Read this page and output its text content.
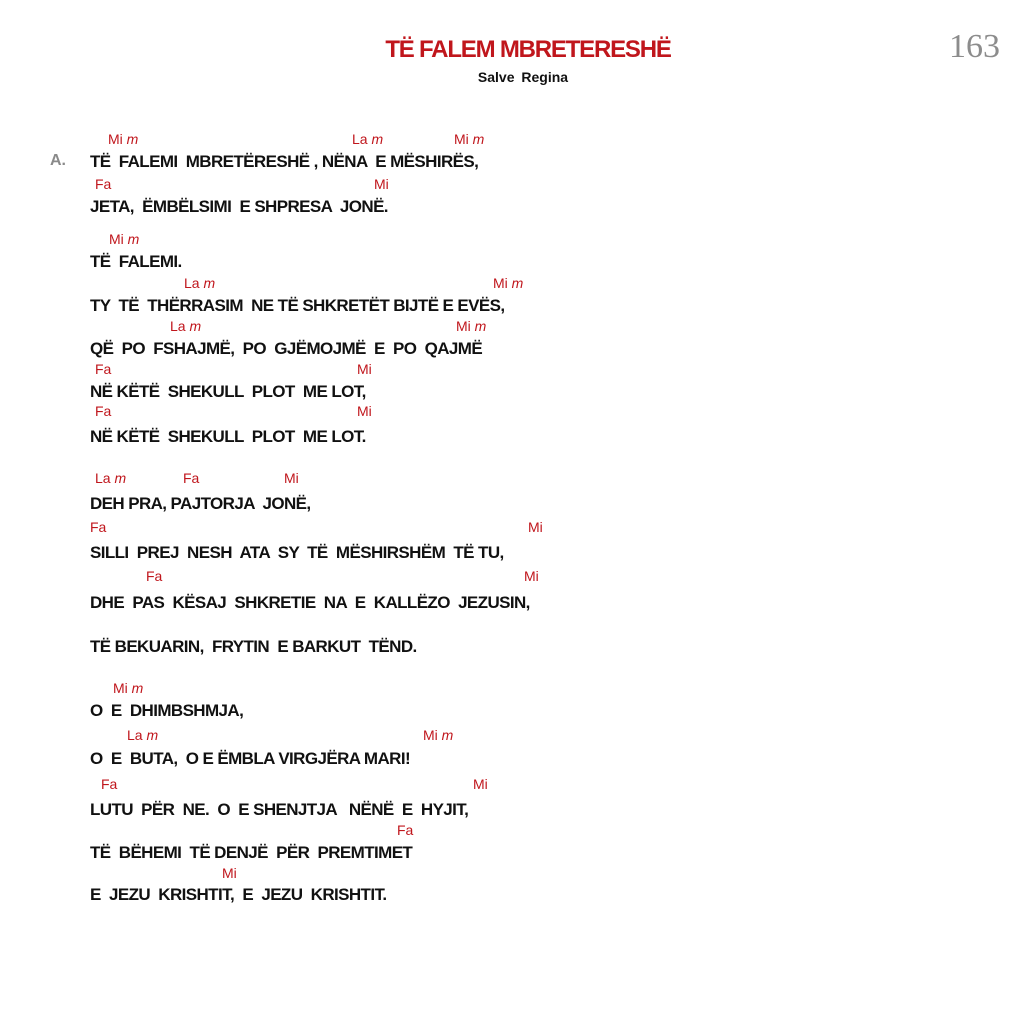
163
TË FALEM MBRETERESHË
Salve Regina
A.
Mi m	La m	Mi m
Fa	Mi
Mi m
La m	Mi m
La m	Mi m
Fa	Mi
Fa	Mi
La m	Fa	Mi
Fa	Mi
Fa	Mi
Mi m
La m	Mi m
Fa	Mi
Fa
Mi
TË  FALEMI  MBRETËRESHË , NËNA  E MËSHIRËS,
JETA,  ËMBËLSIMI  E SHPRESA  JONË.
TË  FALEMI.
TY  TË  THËRRASIM  NE TË SHKRETËT BIJTË E EVËS,
QË  PO  FSHAJMË,  PO  GJËMOJMË  E  PO  QAJMË
NË KËTË  SHEKULL  PLOT  ME LOT,
NË KËTË  SHEKULL  PLOT  ME LOT.
DEH PRA, PAJTORJA  JONË,
SILLI  PREJ  NESH  ATA  SY  TË  MËSHIRSHËM  TË TU,
DHE  PAS  KËSAJ  SHKRETIE  NA  E  KALLËZO  JEZUSIN,
TË BEKUARIN,  FRYTIN  E BARKUT  TËND.
O  E  DHIMBSHMJA,
O  E  BUTA,  O E ËMBLA VIRGJËRA MARI!
LUTU  PËR  NE.  O  E SHENJTJA   NËNË  E  HYJIT,
TË  BËHEMI  TË DENJË  PËR  PREMTIMET
E  JEZU  KRISHTIT,  E  JEZU  KRISHTIT.
